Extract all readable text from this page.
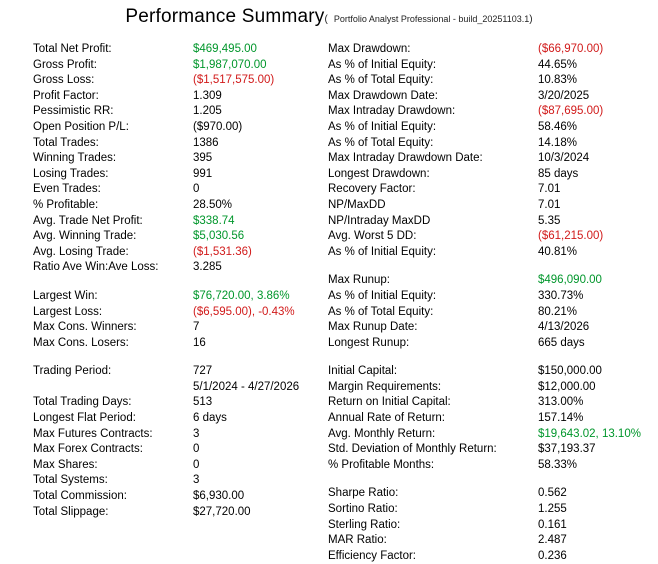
Performance Summary( Portfolio Analyst Professional - build_20251103.1)
Total Net Profit:	$469,495.00
Gross Profit:	$1,987,070.00
Gross Loss:	($1,517,575.00)
Profit Factor:	1.309
Pessimistic RR:	1.205
Open Position P/L:	($970.00)
Total Trades:	1386
Winning Trades:	395
Losing Trades:	991
Even Trades:	0
% Profitable:	28.50%
Avg. Trade Net Profit:	$338.74
Avg. Winning Trade:	$5,030.56
Avg. Losing Trade:	($1,531.36)
Ratio Ave Win:Ave Loss:	3.285

Largest Win:	$76,720.00, 3.86%
Largest Loss:	($6,595.00), -0.43%
Max Cons. Winners:	7
Max Cons. Losers:	16

Trading Period:	727
	5/1/2024 - 4/27/2026
Total Trading Days:	513
Longest Flat Period:	6 days
Max Futures Contracts:	3
Max Forex Contracts:	0
Max Shares:	0
Total Systems:	3
Total Commission:	$6,930.00
Total Slippage:	$27,720.00
Max Drawdown:	($66,970.00)
As % of Initial Equity:	44.65%
As % of Total Equity:	10.83%
Max Drawdown Date:	3/20/2025
Max Intraday Drawdown:	($87,695.00)
As % of Initial Equity:	58.46%
As % of Total Equity:	14.18%
Max Intraday Drawdown Date:	10/3/2024
Longest Drawdown:	85 days
Recovery Factor:	7.01
NP/MaxDD	7.01
NP/Intraday MaxDD	5.35
Avg. Worst 5 DD:	($61,215.00)
As % of Initial Equity:	40.81%

Max Runup:	$496,090.00
As % of Initial Equity:	330.73%
As % of Total Equity:	80.21%
Max Runup Date:	4/13/2026
Longest Runup:	665 days

Initial Capital:	$150,000.00
Margin Requirements:	$12,000.00
Return on Initial Capital:	313.00%
Annual Rate of Return:	157.14%
Avg. Monthly Return:	$19,643.02, 13.10%
Std. Deviation of Monthly Return:	$37,193.37
% Profitable Months:	58.33%

Sharpe Ratio:	0.562
Sortino Ratio:	1.255
Sterling Ratio:	0.161
MAR Ratio:	2.487
Efficiency Factor:	0.236
